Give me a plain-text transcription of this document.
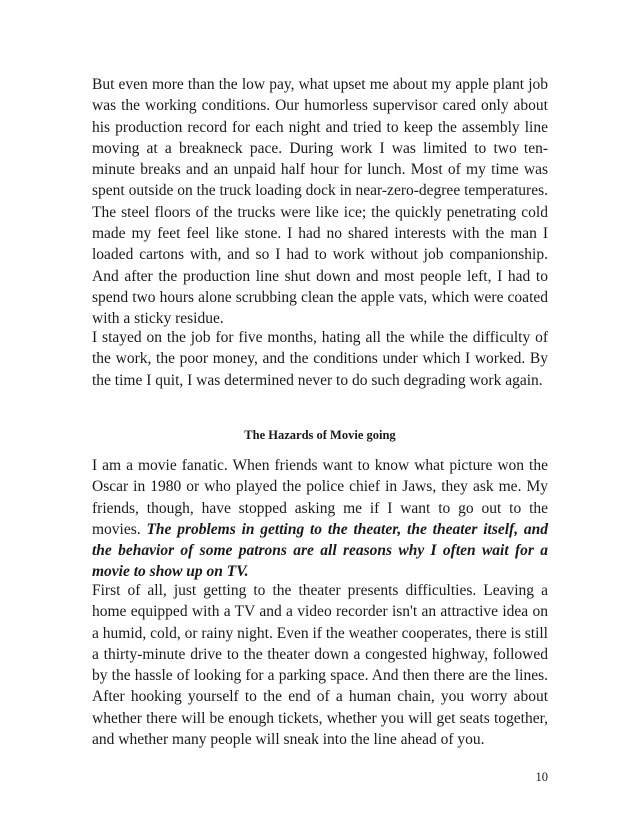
But even more than the low pay, what upset me about my apple plant job was the working conditions. Our humorless supervisor cared only about his production record for each night and tried to keep the assembly line moving at a breakneck pace. During work I was limited to two ten-minute breaks and an unpaid half hour for lunch. Most of my time was spent outside on the truck loading dock in near-zero-degree temperatures. The steel floors of the trucks were like ice; the quickly penetrating cold made my feet feel like stone. I had no shared interests with the man I loaded cartons with, and so I had to work without job companionship. And after the production line shut down and most people left, I had to spend two hours alone scrubbing clean the apple vats, which were coated with a sticky residue.

I stayed on the job for five months, hating all the while the difficulty of the work, the poor money, and the conditions under which I worked. By the time I quit, I was determined never to do such degrading work again.

The Hazards of Movie going

I am a movie fanatic. When friends want to know what picture won the Oscar in 1980 or who played the police chief in Jaws, they ask me. My friends, though, have stopped asking me if I want to go out to the movies. The problems in getting to the theater, the theater itself, and the behavior of some patrons are all reasons why I often wait for a movie to show up on TV.

First of all, just getting to the theater presents difficulties. Leaving a home equipped with a TV and a video recorder isn't an attractive idea on a humid, cold, or rainy night. Even if the weather cooperates, there is still a thirty-minute drive to the theater down a congested highway, followed by the hassle of looking for a parking space. And then there are the lines. After hooking yourself to the end of a human chain, you worry about whether there will be enough tickets, whether you will get seats together, and whether many people will sneak into the line ahead of you.

10
